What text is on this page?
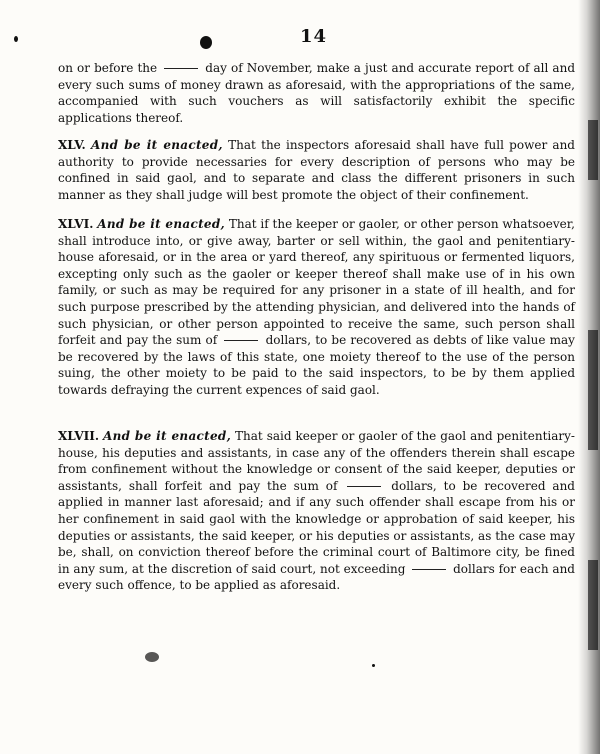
14
on or before the	day of November, make a just and accurate report of all and every such sums of money drawn as aforesaid, with the appropriations of the same, accompanied with such vouchers as will satisfactorily exhibit the specific applications thereof.
XLV. And be it enacted, That the inspectors aforesaid shall have full power and authority to provide necessaries for every description of persons who may be confined in said gaol, and to separate and class the different prisoners in such manner as they shall judge will best promote the object of their confinement.
XLVI. And be it enacted, That if the keeper or gaoler, or other person whatsoever, shall introduce into, or give away, barter or sell within, the gaol and penitentiary-house aforesaid, or in the area or yard thereof, any spirituous or fermented liquors, excepting only such as the gaoler or keeper thereof shall make use of in his own family, or such as may be required for any prisoner in a state of ill health, and for such purpose prescribed by the attending physician, and delivered into the hands of such physician, or other person appointed to receive the same, such person shall forfeit and pay the sum of	dollars, to be recovered as debts of like value may be recovered by the laws of this state, one moiety thereof to the use of the person suing, the other moiety to be paid to the said inspectors, to be by them applied towards defraying the current expences of said gaol.
XLVII. And be it enacted, That said keeper or gaoler of the gaol and penitentiary-house, his deputies and assistants, in case any of the offenders therein shall escape from confinement without the knowledge or consent of the said keeper, deputies or assistants, shall forfeit and pay the sum of	dollars, to be recovered and applied in manner last aforesaid; and if any such offender shall escape from his or her confinement in said gaol with the knowledge or approbation of said keeper, his deputies or assistants, the said keeper, or his deputies or assistants, as the case may be, shall, on conviction thereof before the criminal court of Baltimore city, be fined in any sum, at the discretion of said court, not exceeding	dollars for each and every such offence, to be applied as aforesaid.
